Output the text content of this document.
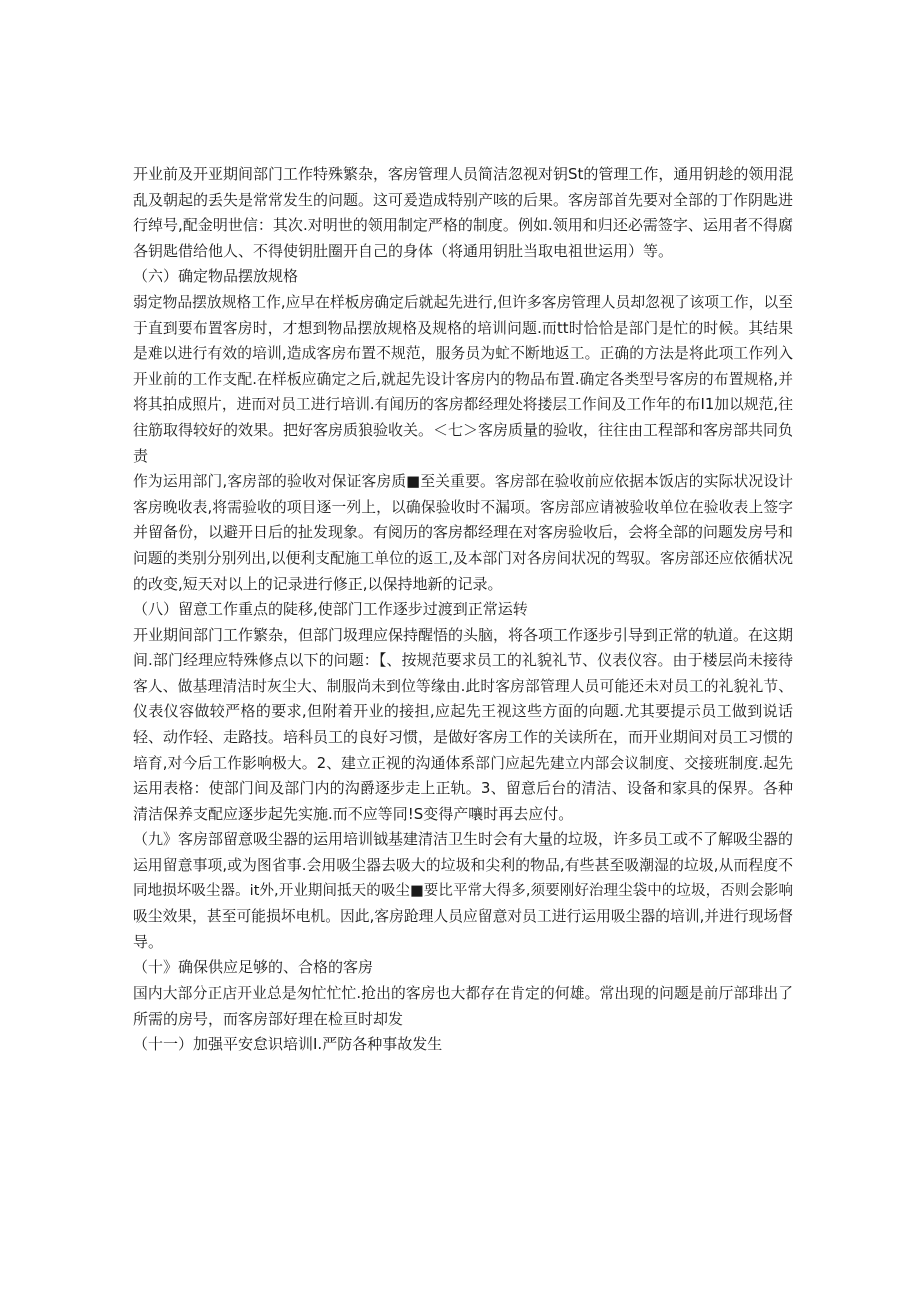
开业前及开亚期间部门工作特殊繁杂，客房管理人员简洁忽视对钥St的管理工作，通用钥趁的领用混
乱及朝起的丢失是常常发生的问题。这可爰造成特别产咳的后果。客房部首先要对全部的丁作阴匙进
行绰号,配金明世信：其次.对明世的领用制定严格的制度。例如.领用和归还必需签字、运用者不得腐
各钥匙借给他人、不得使钥肚圈开自己的身体（将通用钥肚当取电祖世运用）等。
（六）确定物品摆放规格
弱定物品摆放规格工作,应早在样板房确定后就起先进行,但许多客房管理人员却忽视了该项工作，以至
于直到要布置客房时，才想到物品摆放规格及规格的培训问题.而tt时恰恰是部门是忙的时候。其结果
是难以进行有效的培训,造成客房布置不规范，服务员为虻不断地返工。正确的方法是将此项工作列入
开业前的工作支配.在样板应确定之后,就起先设计客房内的物品布置.确定各类型号客房的布置规格,并
将其拍成照片，进而对员工进行培训.有闻历的客房都经理处将搂层工作间及工作年的布I1加以规范,往
往筋取得较好的效果。把好客房质狼验收关。＜七＞客房质量的验收，往往由工程部和客房部共同负
责
作为运用部门,客房部的验收对保证客房质■至关重要。客房部在验收前应依据本饭店的实际状况设计
客房晚收表,将需验收的项目逐一列上，以确保验收时不漏项。客房部应请被验收单位在验收表上签字
并留备份，以避开日后的扯发现象。有阅历的客房都经理在对客房验收后，会将全部的问题发房号和
问题的类别分别列出,以便利支配施工单位的返工,及本部门对各房间状况的驾驭。客房部还应依循状况
的改变,短天对以上的记录进行修正,以保持地新的记录。
（八）留意工作重点的陡移,使部门工作逐步过渡到正常运转
开业期间部门工作繁杂，但部门圾理应保持醒悟的头脑，将各项工作逐步引导到正常的轨道。在这期
间.部门经理应特殊修点以下的问题：【、按规范要求员工的礼貌礼节、仪表仪容。由于楼层尚未接待
客人、做基理清洁时灰尘大、制服尚未到位等缘由.此时客房部管理人员可能还未对员工的礼貌礼节、
仪表仪容做较严格的要求,但附着开业的接担,应起先王视这些方面的向题.尤其要提示员工做到说话
轻、动作轻、走路技。培科员工的良好习惯，是做好客房工作的关读所在，而开业期间对员工习惯的
培育,对今后工作影响极大。2、建立正视的沟通体系部门应起先建立内部会议制度、交接班制度.起先
运用表格：使部门间及部门内的沟爵逐步走上正轨。3、留意后台的清洁、设备和家具的保界。各种
清洁保养支配应逐步起先实施.而不应等同!S变得产嚷时再去应付。
（九》客房部留意吸尘器的运用培训钺基建清洁卫生时会有大量的垃圾，许多员工或不了解吸尘器的
运用留意事项,或为图省事.会用吸尘器去吸大的垃圾和尖利的物品,有些甚至吸潮湿的垃圾,从而程度不
同地损坏吸尘器。it外,开业期间抵天的吸尘■要比平常大得多,须要刚好治理尘袋中的垃圾，否则会影响
吸尘效果，甚至可能损坏电机。因此,客房跄理人员应留意对员工进行运用吸尘器的培训,并进行现场督
导。
（十》确保供应足够的、合格的客房
国内大部分正店开业总是匆忙忙忙.抢出的客房也大都存在肯定的何雄。常出现的问题是前厅部琲出了
所需的房号，而客房部好理在检亘时却发
（十一）加强平安怠识培训I.严防各种事故发生
